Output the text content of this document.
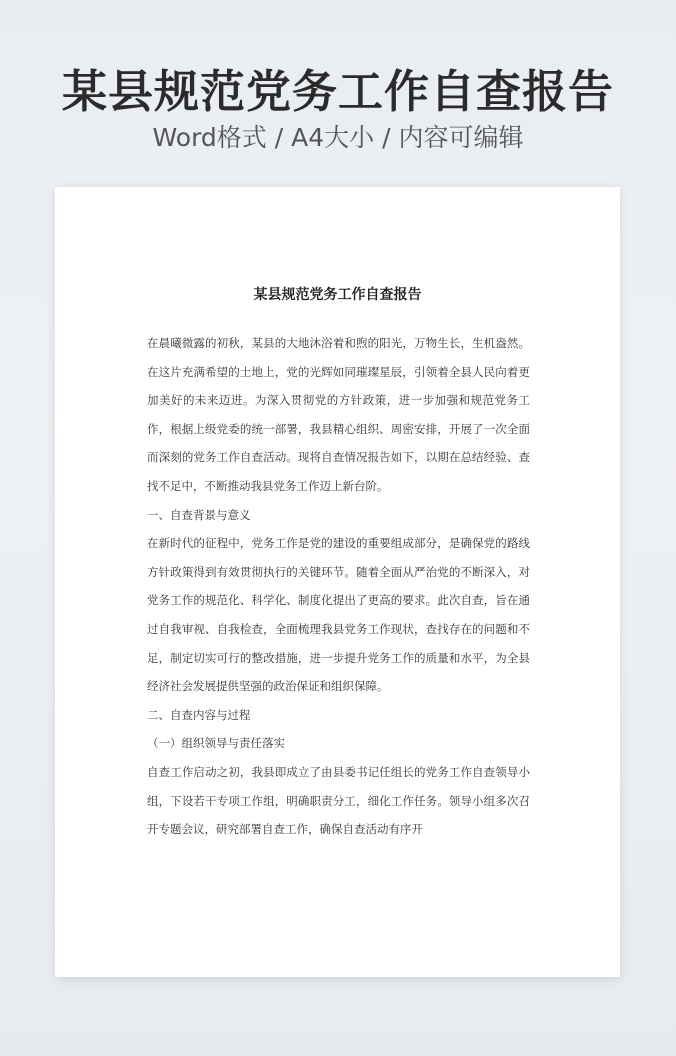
某县规范党务工作自查报告
Word格式 / A4大小 / 内容可编辑
某县规范党务工作自查报告

在晨曦微露的初秋，某县的大地沐浴着和煦的阳光，万物生长，生机盎然。在这片充满希望的土地上，党的光辉如同璀璨星辰，引领着全县人民向着更加美好的未来迈进。为深入贯彻党的方针政策，进一步加强和规范党务工作，根据上级党委的统一部署，我县精心组织、周密安排，开展了一次全面而深刻的党务工作自查活动。现将自查情况报告如下，以期在总结经验、查找不足中，不断推动我县党务工作迈上新台阶。

一、自查背景与意义

在新时代的征程中，党务工作是党的建设的重要组成部分，是确保党的路线方针政策得到有效贯彻执行的关键环节。随着全面从严治党的不断深入，对党务工作的规范化、科学化、制度化提出了更高的要求。此次自查，旨在通过自我审视、自我检查，全面梳理我县党务工作现状，查找存在的问题和不足，制定切实可行的整改措施，进一步提升党务工作的质量和水平，为全县经济社会发展提供坚强的政治保证和组织保障。

二、自查内容与过程

（一）组织领导与责任落实

自查工作启动之初，我县即成立了由县委书记任组长的党务工作自查领导小组，下设若干专项工作组，明确职责分工，细化工作任务。领导小组多次召开专题会议，研究部署自查工作，确保自查活动有序开
